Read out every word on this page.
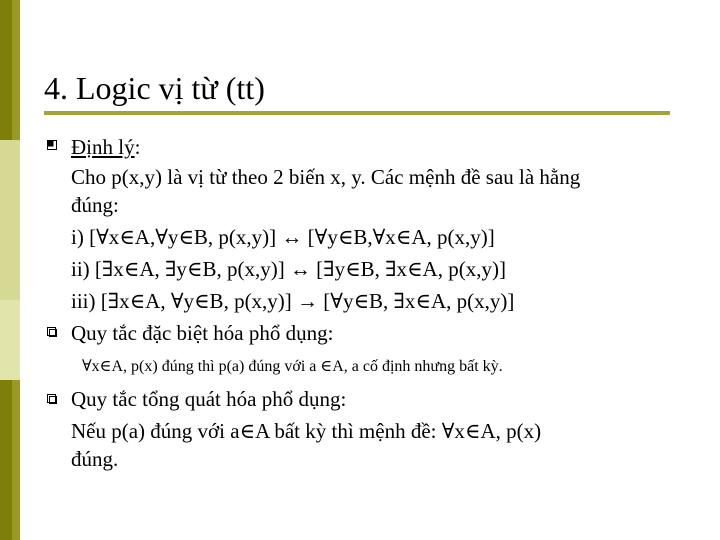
4. Logic vị từ (tt)
Định lý:
Cho p(x,y) là vị từ theo 2 biến x, y. Các mệnh đề sau là hằng
đúng:
i) [∀x∈A,∀y∈B, p(x,y)] ↔ [∀y∈B,∀x∈A, p(x,y)]
ii) [∃x∈A, ∃y∈B, p(x,y)] ↔ [∃y∈B, ∃x∈A, p(x,y)]
iii) [∃x∈A, ∀y∈B, p(x,y)] → [∀y∈B, ∃x∈A, p(x,y)]
Quy tắc đặc biệt hóa phổ dụng:
∀x∈A, p(x) đúng thì p(a) đúng với a ∈A, a cố định nhưng bất kỳ.
Quy tắc tổng quát hóa phổ dụng:
Nếu p(a) đúng với a∈A bất kỳ thì mệnh đề: ∀x∈A, p(x)
đúng.
